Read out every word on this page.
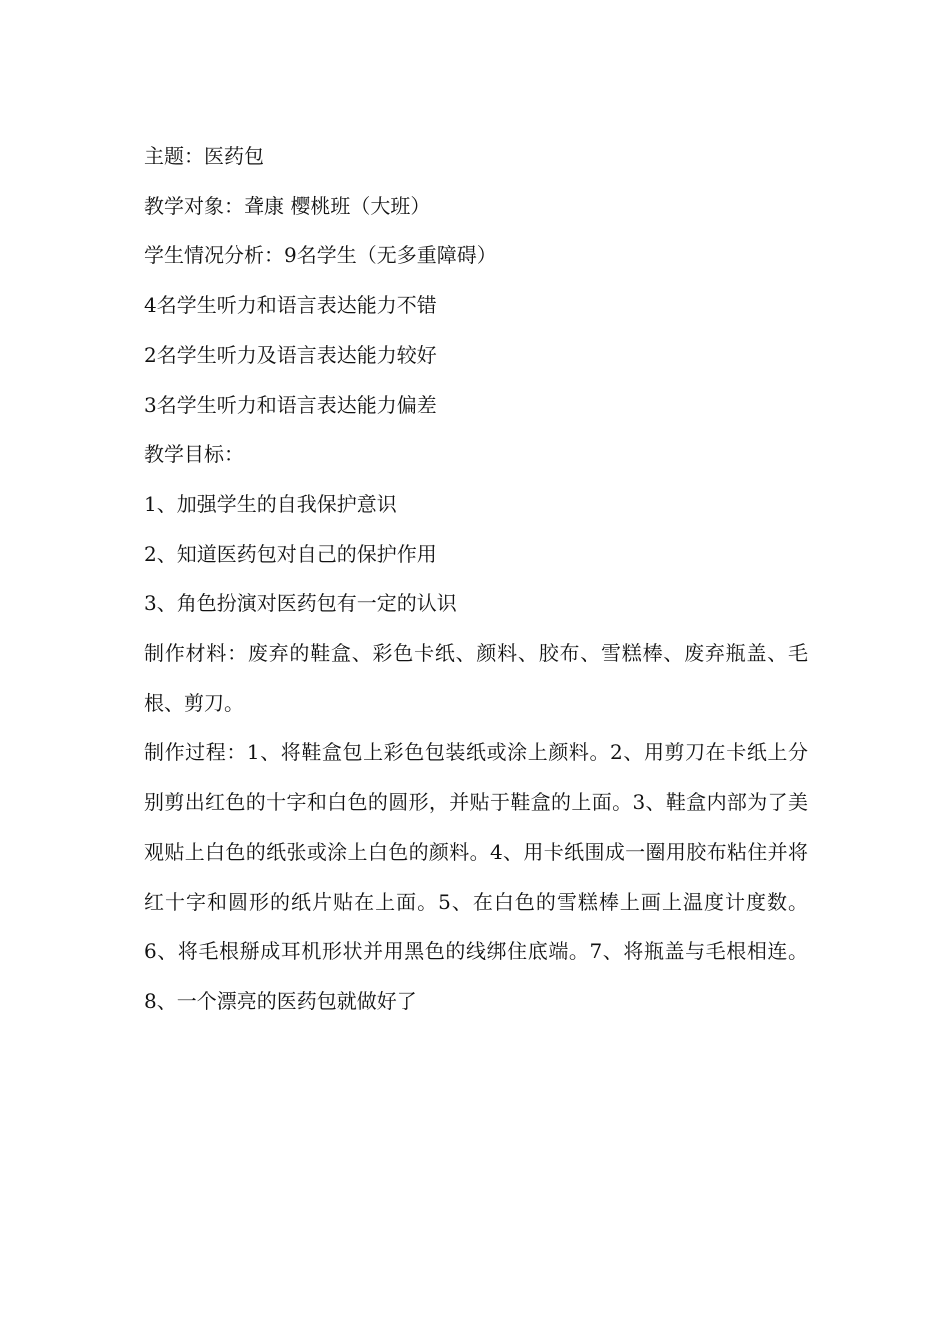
主题：医药包

教学对象：聋康 樱桃班（大班）

学生情况分析：9名学生（无多重障碍）

4名学生听力和语言表达能力不错

2名学生听力及语言表达能力较好

3名学生听力和语言表达能力偏差

教学目标：

1、加强学生的自我保护意识

2、知道医药包对自己的保护作用

3、角色扮演对医药包有一定的认识

制作材料：废弃的鞋盒、彩色卡纸、颜料、胶布、雪糕棒、废弃瓶盖、毛根、剪刀。

制作过程：1、将鞋盒包上彩色包装纸或涂上颜料。2、用剪刀在卡纸上分别剪出红色的十字和白色的圆形，并贴于鞋盒的上面。3、鞋盒内部为了美观贴上白色的纸张或涂上白色的颜料。4、用卡纸围成一圈用胶布粘住并将红十字和圆形的纸片贴在上面。5、在白色的雪糕棒上画上温度计度数。6、将毛根掰成耳机形状并用黑色的线绑住底端。7、将瓶盖与毛根相连。8、一个漂亮的医药包就做好了
